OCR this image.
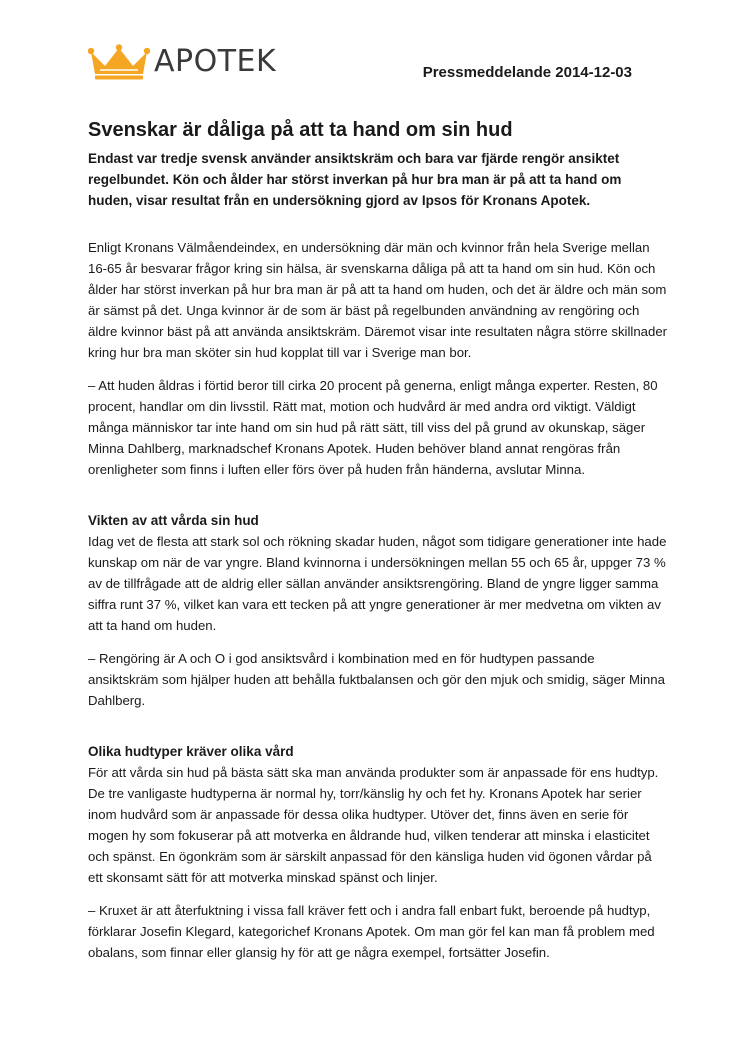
APOTEK	Pressmeddelande 2014-12-03
Svenskar är dåliga på att ta hand om sin hud

Endast var tredje svensk använder ansiktskräm och bara var fjärde rengör ansiktet regelbundet. Kön och ålder har störst inverkan på hur bra man är på att ta hand om huden, visar resultat från en undersökning gjord av Ipsos för Kronans Apotek.

Enligt Kronans Välmåendeindex, en undersökning där män och kvinnor från hela Sverige mellan 16-65 år besvarar frågor kring sin hälsa, är svenskarna dåliga på att ta hand om sin hud. Kön och ålder har störst inverkan på hur bra man är på att ta hand om huden, och det är äldre och män som är sämst på det. Unga kvinnor är de som är bäst på regelbunden användning av rengöring och äldre kvinnor bäst på att använda ansiktskräm. Däremot visar inte resultaten några större skillnader kring hur bra man sköter sin hud kopplat till var i Sverige man bor.

– Att huden åldras i förtid beror till cirka 20 procent på generna, enligt många experter. Resten, 80 procent, handlar om din livsstil. Rätt mat, motion och hudvård är med andra ord viktigt. Väldigt många människor tar inte hand om sin hud på rätt sätt, till viss del på grund av okunskap, säger Minna Dahlberg, marknadschef Kronans Apotek. Huden behöver bland annat rengöras från orenligheter som finns i luften eller förs över på huden från händerna, avslutar Minna.

Vikten av att vårda sin hud

Idag vet de flesta att stark sol och rökning skadar huden, något som tidigare generationer inte hade kunskap om när de var yngre. Bland kvinnorna i undersökningen mellan 55 och 65 år, uppger 73 % av de tillfrågade att de aldrig eller sällan använder ansiktsrengöring. Bland de yngre ligger samma siffra runt 37 %, vilket kan vara ett tecken på att yngre generationer är mer medvetna om vikten av att ta hand om huden.

– Rengöring är A och O i god ansiktsvård i kombination med en för hudtypen passande ansiktskräm som hjälper huden att behålla fuktbalansen och gör den mjuk och smidig, säger Minna Dahlberg.

Olika hudtyper kräver olika vård

För att vårda sin hud på bästa sätt ska man använda produkter som är anpassade för ens hudtyp. De tre vanligaste hudtyperna är normal hy, torr/känslig hy och fet hy. Kronans Apotek har serier inom hudvård som är anpassade för dessa olika hudtyper. Utöver det, finns även en serie för mogen hy som fokuserar på att motverka en åldrande hud, vilken tenderar att minska i elasticitet och spänst. En ögonkräm som är särskilt anpassad för den känsliga huden vid ögonen vårdar på ett skonsamt sätt för att motverka minskad spänst och linjer.

– Kruxet är att återfuktning i vissa fall kräver fett och i andra fall enbart fukt, beroende på hudtyp, förklarar Josefin Klegard, kategorichef Kronans Apotek. Om man gör fel kan man få problem med obalans, som finnar eller glansig hy för att ge några exempel, fortsätter Josefin.
